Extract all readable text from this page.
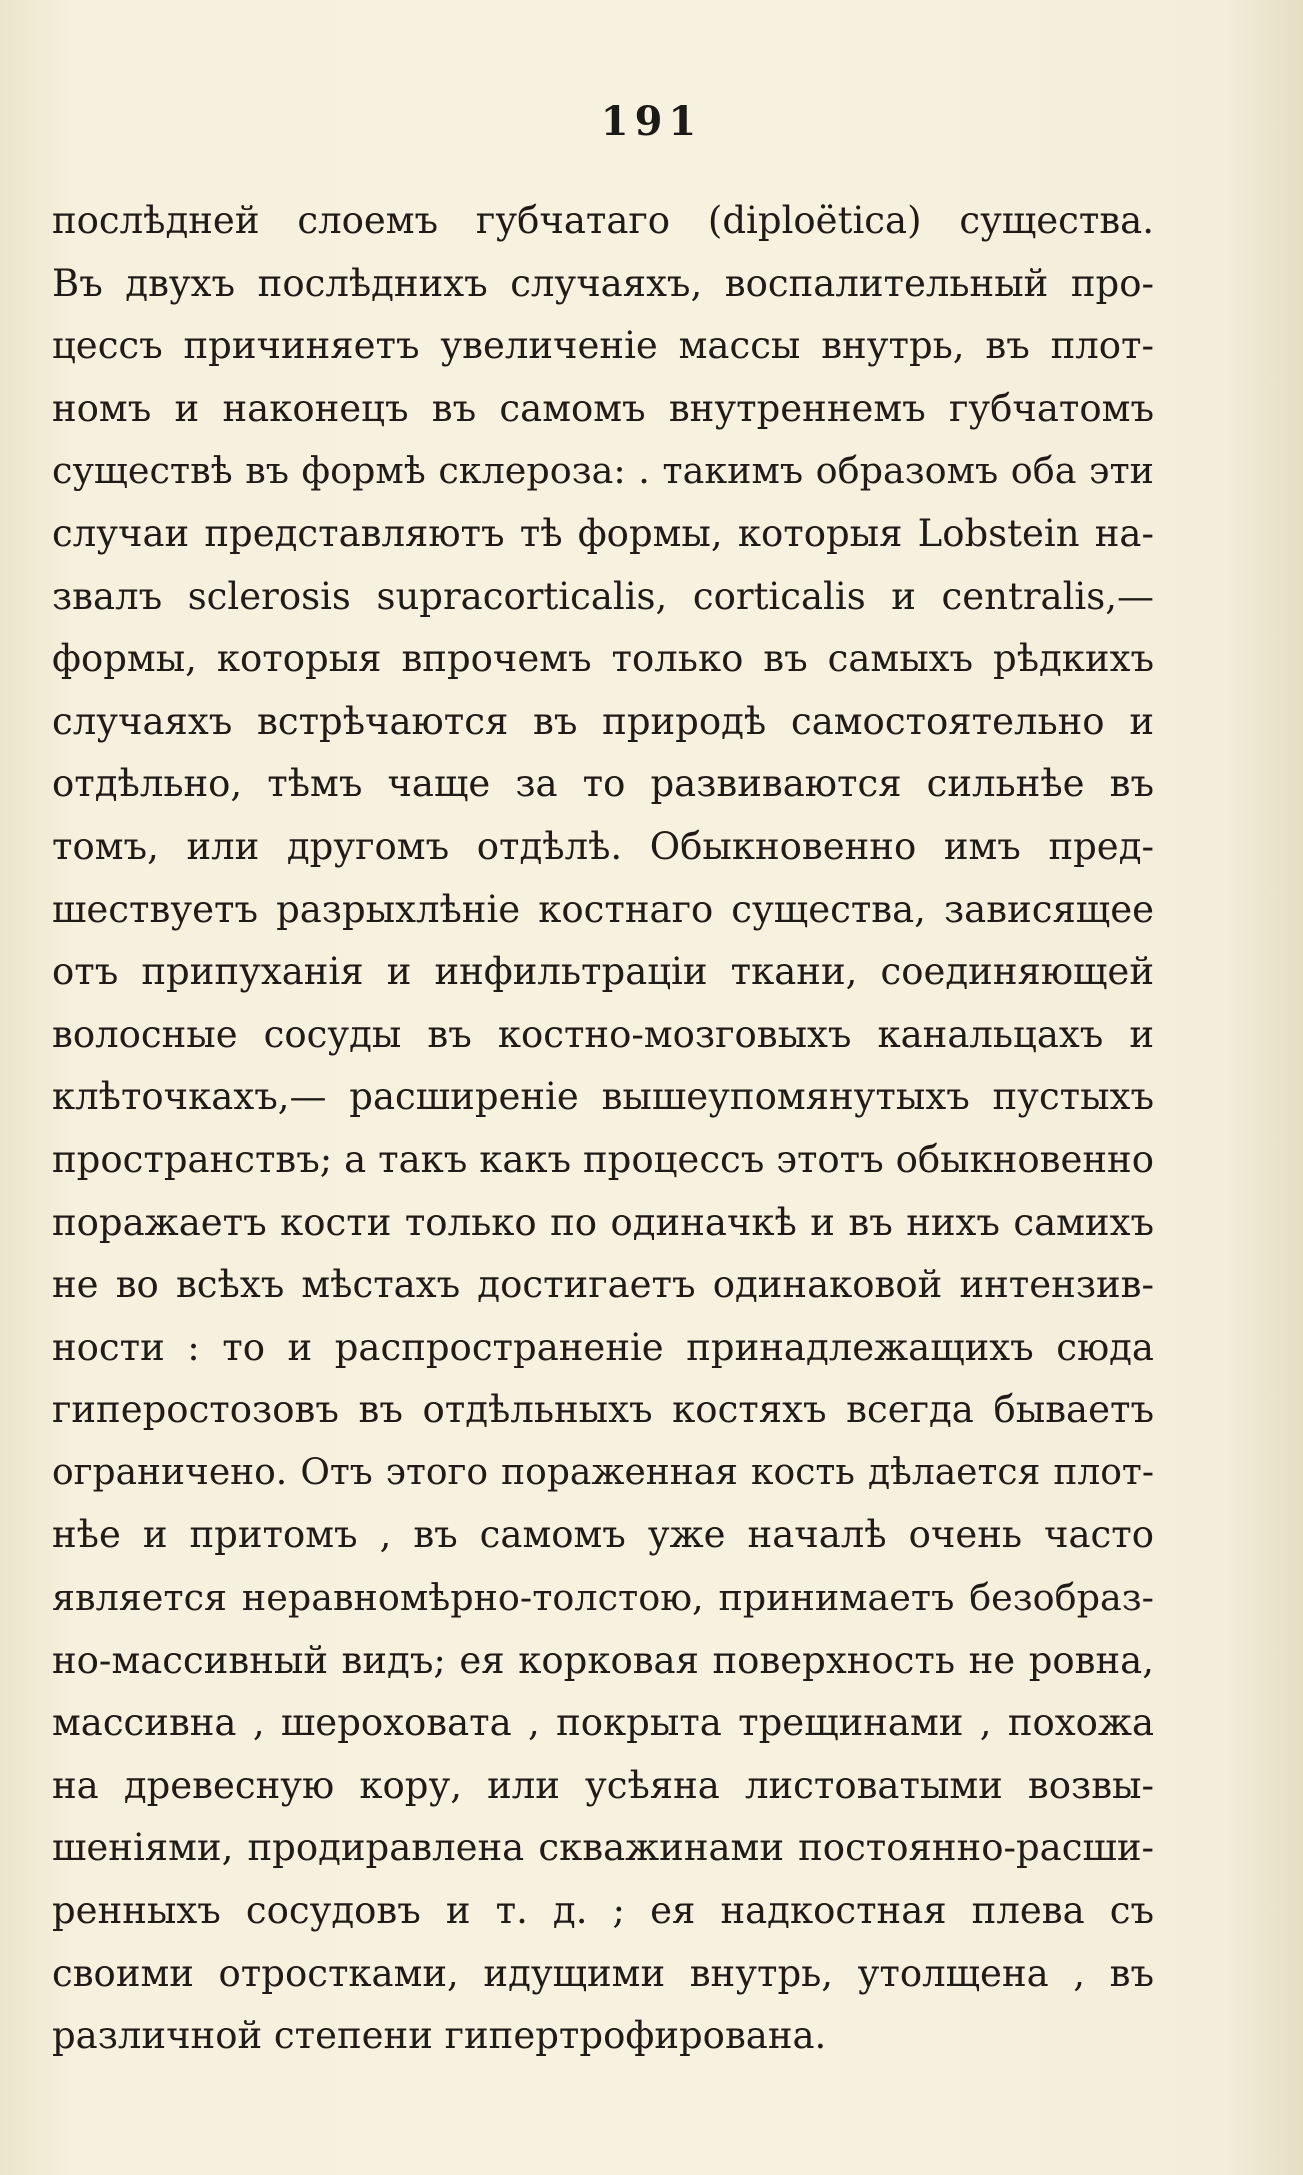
191
послѣдней слоемъ губчатаго (diploëtica) существа.
Въ двухъ послѣднихъ случаяхъ, воспалительный про-
цессъ причиняетъ увеличенiе массы внутрь, въ плот-
номъ и наконецъ въ самомъ внутреннемъ губчатомъ
существѣ въ формѣ склероза: . такимъ образомъ оба эти
случаи представляютъ тѣ формы, которыя Lobstein на-
звалъ sclerosis supracorticalis, corticalis и centralis,—
формы, которыя впрочемъ только въ самыхъ рѣдкихъ
случаяхъ встрѣчаются въ природѣ самостоятельно и
отдѣльно, тѣмъ чаще за то развиваются сильнѣе въ
томъ, или другомъ отдѣлѣ. Обыкновенно имъ пред-
шествуетъ разрыхлѣнiе костнаго существа, зависящее
отъ припуханiя и инфильтрацiи ткани, соединяющей
волосные сосуды въ костно-мозговыхъ канальцахъ и
клѣточкахъ,— расширенiе вышеупомянутыхъ пустыхъ
пространствъ; а такъ какъ процессъ этотъ обыкновенно
поражаетъ кости только по одиначкѣ и въ нихъ самихъ
не во всѣхъ мѣстахъ достигаетъ одинаковой интензив-
ности : то и распространенiе принадлежащихъ сюда
гиперостозовъ въ отдѣльныхъ костяхъ всегда бываетъ
ограничено. Отъ этого пораженная кость дѣлается плот-
нѣе и притомъ , въ самомъ уже началѣ очень часто
является неравномѣрно-толстою, принимаетъ безобраз-
но-массивный видъ; ея корковая поверхность не ровна,
массивна , шероховата , покрыта трещинами , похожа
на древесную кору, или усѣяна листоватыми возвы-
шенiями, продиравлена скважинами постоянно-расши-
ренныхъ сосудовъ и т. д. ; ея надкостная плева съ
своими отростками, идущими внутрь, утолщена , въ
различной степени гипертрофирована.
